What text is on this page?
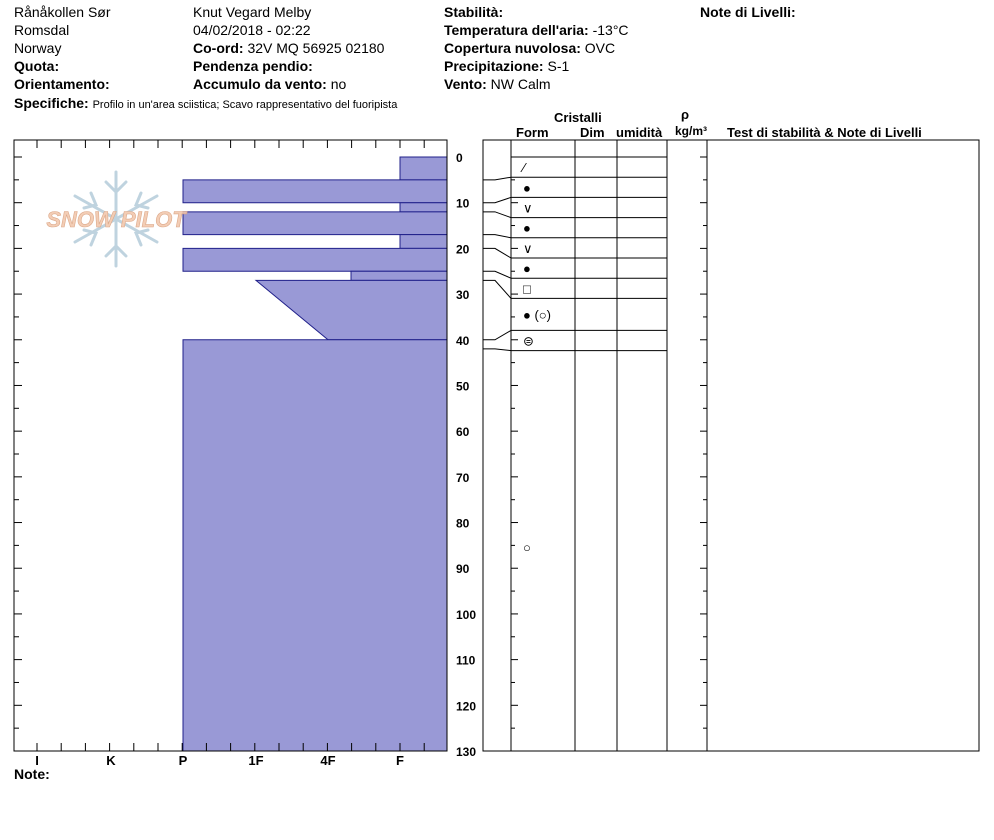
Rånåkollen Sør
Romsdal
Norway
Quota:
Orientamento:
Knut Vegard Melby
04/02/2018 - 02:22
Co-ord: 32V MQ 56925 02180
Pendenza pendio:
Accumulo da vento: no
Stabilità:
Temperatura dell'aria: -13°C
Copertura nuvolosa: OVC
Precipitazione: S-1
Vento: NW Calm
Note di Livelli:
Specifiche: Profilo in un'area sciistica; Scavo rappresentativo del fuoripista
Cristalli
Form Dim umidità
ρ
kg/m³ Test di stabilità & Note di Livelli
Note:
SNOW PILOT
I	K	P	1F	4F	F
0
10
20
30
40
50
60
70
80
90
100
110
120
130
⁄
●
∨
●
∨
●
□
● (○)
⊜
○
